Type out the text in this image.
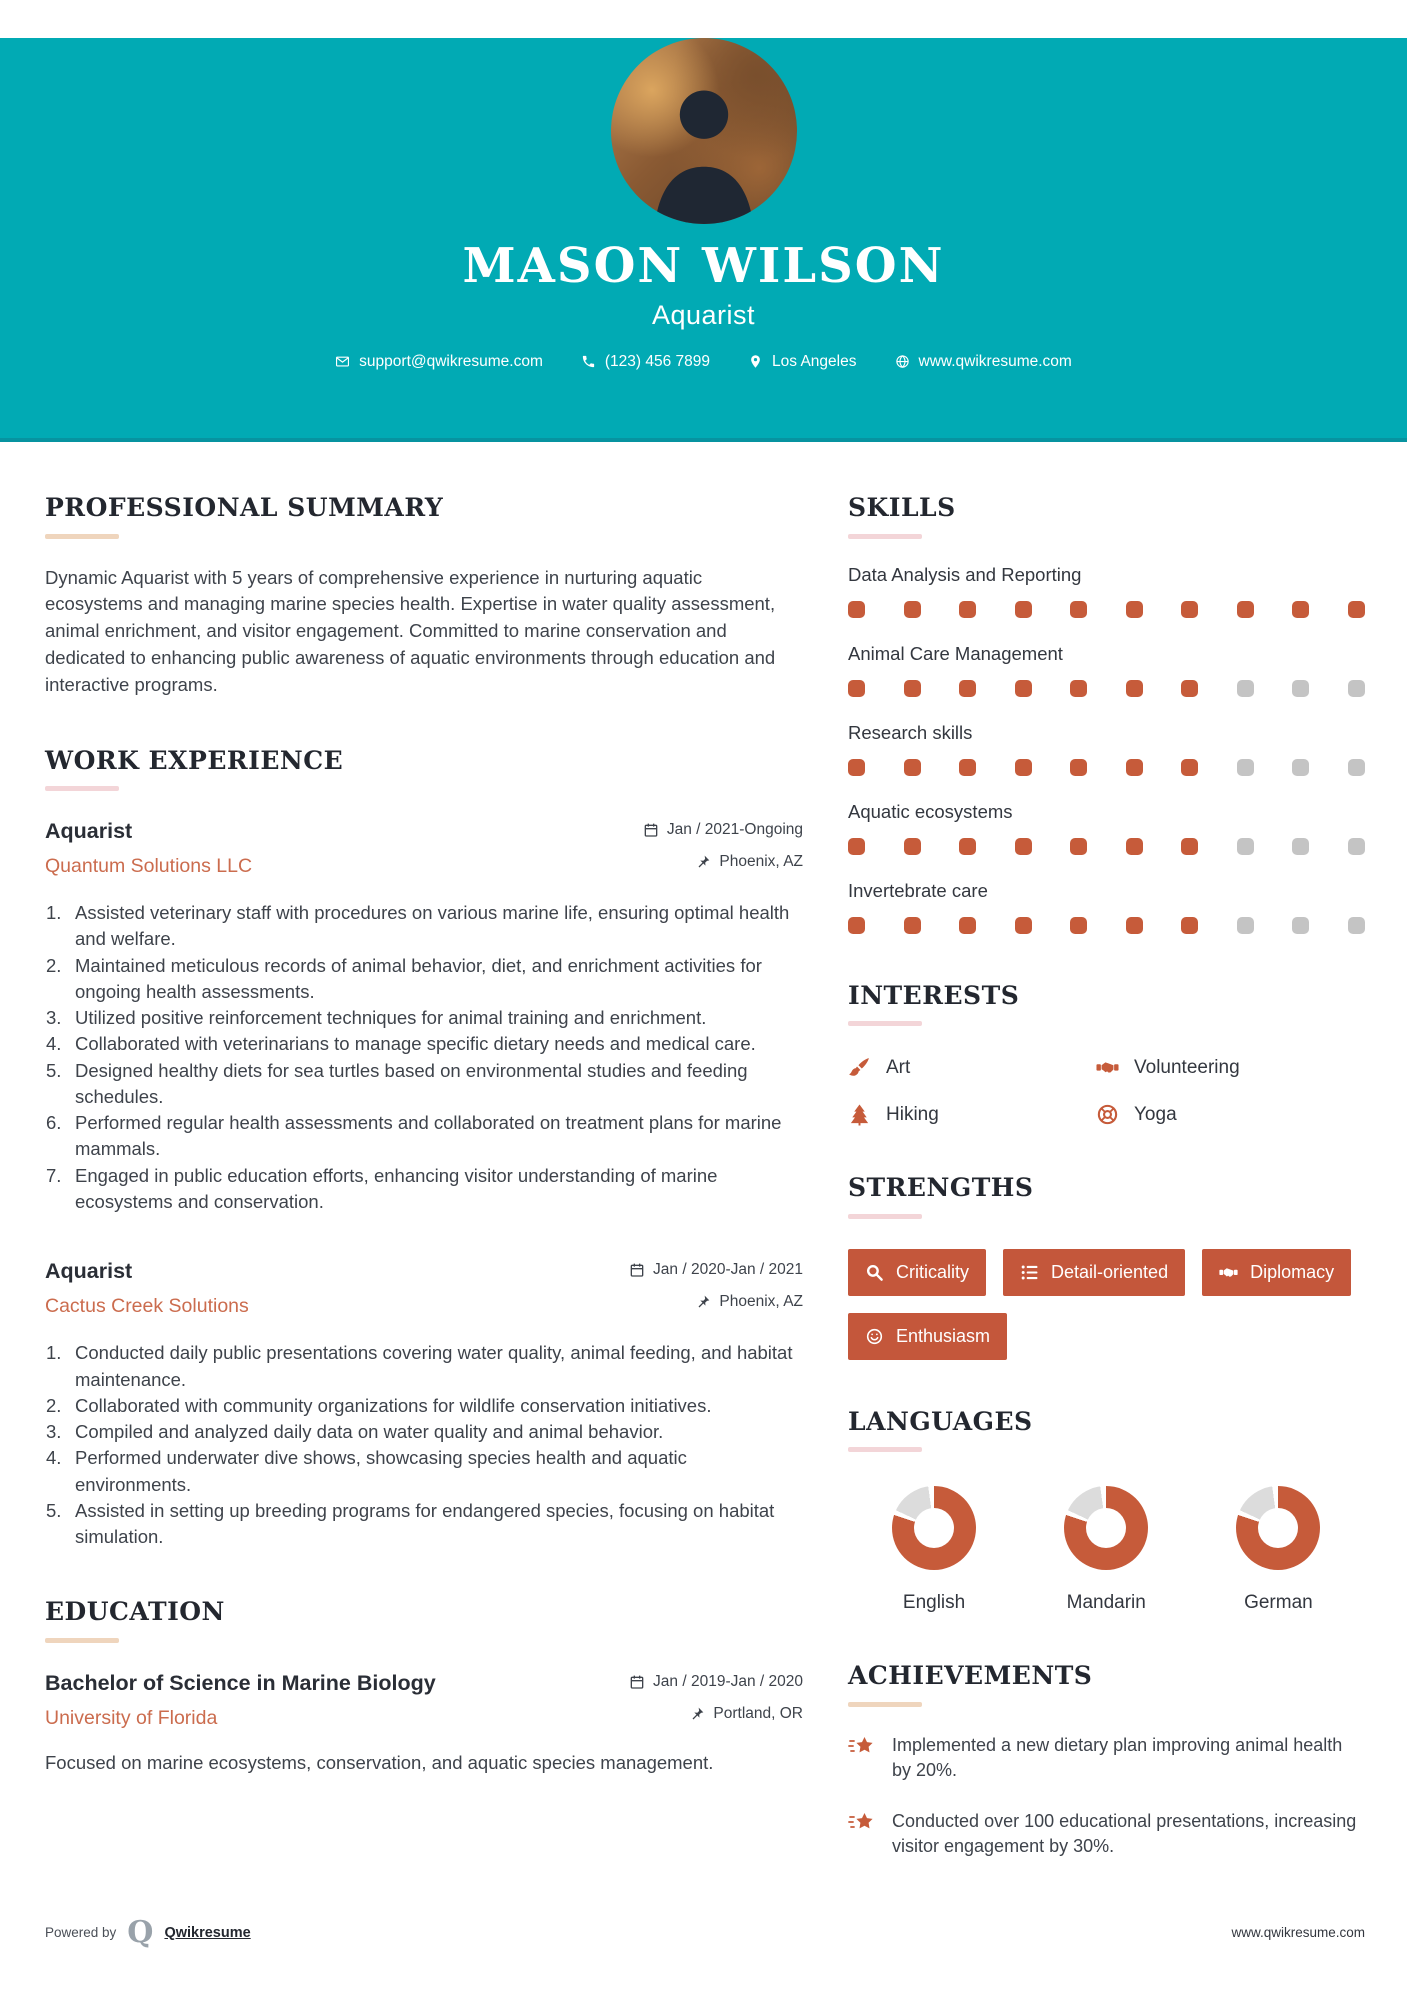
MASON WILSON
Aquarist
support@qwikresume.com	(123) 456 7899	Los Angeles	www.qwikresume.com
PROFESSIONAL SUMMARY

Dynamic Aquarist with 5 years of comprehensive experience in nurturing aquatic ecosystems and managing marine species health. Expertise in water quality assessment, animal enrichment, and visitor engagement. Committed to marine conservation and dedicated to enhancing public awareness of aquatic environments through education and interactive programs.

WORK EXPERIENCE
Aquarist
Quantum Solutions LLC
Jan / 2021-Ongoing
Phoenix, AZ
Assisted veterinary staff with procedures on various marine life, ensuring optimal health and welfare.
Maintained meticulous records of animal behavior, diet, and enrichment activities for ongoing health assessments.
Utilized positive reinforcement techniques for animal training and enrichment.
Collaborated with veterinarians to manage specific dietary needs and medical care.
Designed healthy diets for sea turtles based on environmental studies and feeding schedules.
Performed regular health assessments and collaborated on treatment plans for marine mammals.
Engaged in public education efforts, enhancing visitor understanding of marine ecosystems and conservation.
Aquarist
Cactus Creek Solutions
Jan / 2020-Jan / 2021
Phoenix, AZ
Conducted daily public presentations covering water quality, animal feeding, and habitat maintenance.
Collaborated with community organizations for wildlife conservation initiatives.
Compiled and analyzed daily data on water quality and animal behavior.
Performed underwater dive shows, showcasing species health and aquatic environments.
Assisted in setting up breeding programs for endangered species, focusing on habitat simulation.
EDUCATION
Bachelor of Science in Marine Biology
University of Florida
Jan / 2019-Jan / 2020
Portland, OR

Focused on marine ecosystems, conservation, and aquatic species management.

SKILLS
Data Analysis and Reporting
Animal Care Management
Research skills
Aquatic ecosystems
Invertebrate care
INTERESTS
Art	Volunteering
Hiking	Yoga
STRENGTHS
Criticality	Detail-oriented	Diplomacy
Enthusiasm
LANGUAGES
English	Mandarin	German
ACHIEVEMENTS
Implemented a new dietary plan improving animal health by 20%.
Conducted over 100 educational presentations, increasing visitor engagement by 30%.
Powered by Q Qwikresume	www.qwikresume.com
